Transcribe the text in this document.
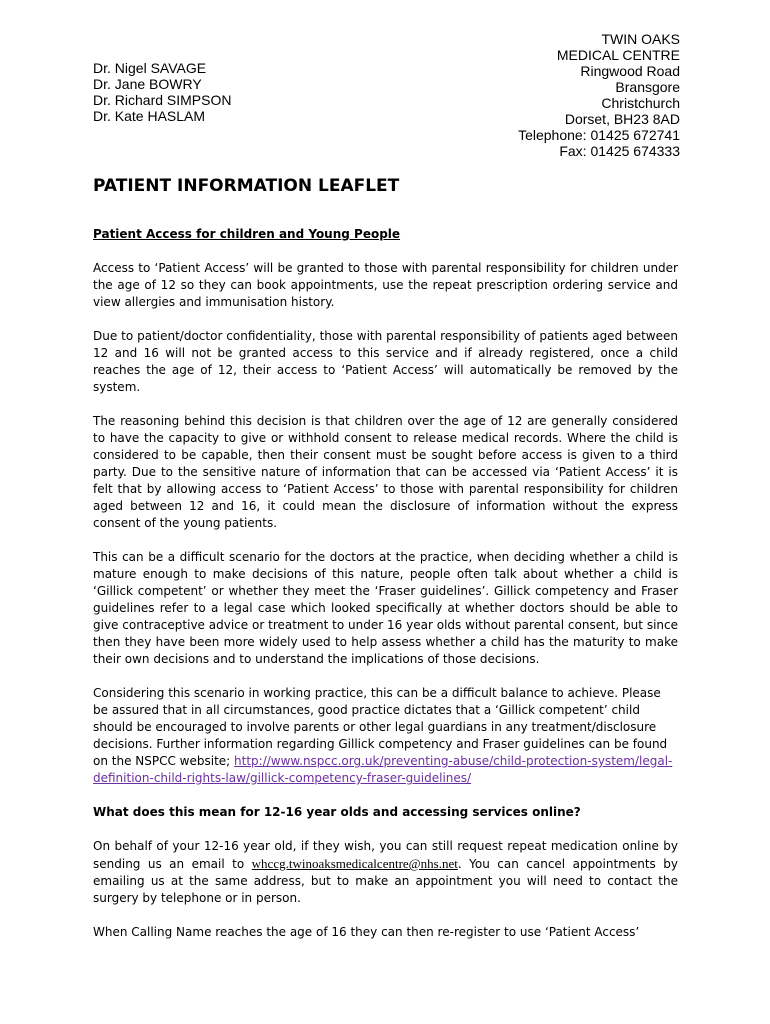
Dr. Nigel SAVAGE
Dr. Jane BOWRY
Dr. Richard SIMPSON
Dr. Kate HASLAM
TWIN OAKS
MEDICAL CENTRE
Ringwood Road
Bransgore
Christchurch
Dorset, BH23 8AD
Telephone: 01425 672741
Fax: 01425 674333
PATIENT INFORMATION LEAFLET
Patient Access for children and Young People

Access to ‘Patient Access’ will be granted to those with parental responsibility for children under the age of 12 so they can book appointments, use the repeat prescription ordering service and view allergies and immunisation history.

Due to patient/doctor confidentiality, those with parental responsibility of patients aged between 12 and 16 will not be granted access to this service and if already registered, once a child reaches the age of 12, their access to ‘Patient Access’ will automatically be removed by the system.

The reasoning behind this decision is that children over the age of 12 are generally considered to have the capacity to give or withhold consent to release medical records. Where the child is considered to be capable, then their consent must be sought before access is given to a third party. Due to the sensitive nature of information that can be accessed via ‘Patient Access’ it is felt that by allowing access to ‘Patient Access’ to those with parental responsibility for children aged between 12 and 16, it could mean the disclosure of information without the express consent of the young patients.

This can be a difficult scenario for the doctors at the practice, when deciding whether a child is mature enough to make decisions of this nature, people often talk about whether a child is ‘Gillick competent’ or whether they meet the ‘Fraser guidelines’. Gillick competency and Fraser guidelines refer to a legal case which looked specifically at whether doctors should be able to give contraceptive advice or treatment to under 16 year olds without parental consent, but since then they have been more widely used to help assess whether a child has the maturity to make their own decisions and to understand the implications of those decisions.

Considering this scenario in working practice, this can be a difficult balance to achieve. Please be assured that in all circumstances, good practice dictates that a ‘Gillick competent’ child should be encouraged to involve parents or other legal guardians in any treatment/disclosure decisions. Further information regarding Gillick competency and Fraser guidelines can be found on the NSPCC website; http://www.nspcc.org.uk/preventing-abuse/child-protection-system/legal-definition-child-rights-law/gillick-competency-fraser-guidelines/

What does this mean for 12-16 year olds and accessing services online?

On behalf of your 12-16 year old, if they wish, you can still request repeat medication online by sending us an email to whccg.twinoaksmedicalcentre@nhs.net. You can cancel appointments by emailing us at the same address, but to make an appointment you will need to contact the surgery by telephone or in person.

When Calling Name reaches the age of 16 they can then re-register to use ‘Patient Access’
